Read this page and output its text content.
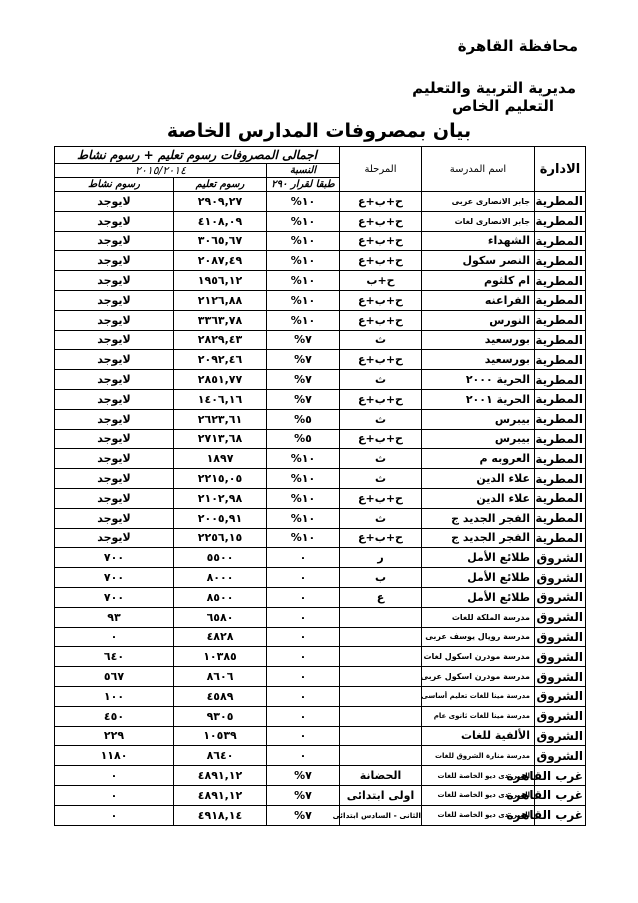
محافظة القاهرة
مديرية التربية والتعليم
التعليم الخاص
بيان بمصروفات المدارس الخاصة
الادارة	اسم المدرسة	المرحلة	اجمالى المصروفات رسوم تعليم + رسوم نشاط		
			النسبة	٢٠١٥/٢٠١٤	
			طبقا لقرار ٢٩٠	رسوم تعليم	رسوم نشاط
المطرية	جابر الانصارى عربى	ح+ب+ع	١٠%	٢٩٠٩,٢٧	لايوجد
المطرية	جابر الانصارى لغات	ح+ب+ع	١٠%	٤١٠٨,٠٩	لايوجد
المطرية	الشهداء	ح+ب+ع	١٠%	٣٠٦٥,٦٧	لايوجد
المطرية	النصر سكول	ح+ب+ع	١٠%	٢٠٨٧,٤٩	لايوجد
المطرية	ام كلثوم	ح+ب	١٠%	١٩٥٦,١٢	لايوجد
المطرية	الفراعنه	ح+ب+ع	١٠%	٢١٢٦,٨٨	لايوجد
المطرية	النورس	ح+ب+ع	١٠%	٣٣٦٣,٧٨	لايوجد
المطرية	بورسعيد	ث	٧%	٢٨٢٩,٤٣	لايوجد
المطرية	بورسعيد	ح+ب+ع	٧%	٢٠٩٢,٤٦	لايوجد
المطرية	الحرية ٢٠٠٠	ث	٧%	٢٨٥١,٧٧	لايوجد
المطرية	الحرية ٢٠٠١	ح+ب+ع	٧%	١٤٠٦,١٦	لايوجد
المطرية	بيبرس	ث	٥%	٢٦٢٣,٦١	لايوجد
المطرية	بيبرس	ح+ب+ع	٥%	٢٧١٣,٦٨	لايوجد
المطرية	العروبه م	ث	١٠%	١٨٩٧	لايوجد
المطرية	علاء الدين	ث	١٠%	٢٢١٥,٠٥	لايوجد
المطرية	علاء الدين	ح+ب+ع	١٠%	٢١٠٢,٩٨	لايوجد
المطرية	الفجر الجديد ج	ث	١٠%	٢٠٠٥,٩١	لايوجد
المطرية	الفجر الجديد ج	ح+ب+ع	١٠%	٢٢٥٦,١٥	لايوجد
الشروق	طلائع الأمل	ر	٠	٥٥٠٠	٧٠٠
الشروق	طلائع الأمل	ب	٠	٨٠٠٠	٧٠٠
الشروق	طلائع الأمل	ع	٠	٨٥٠٠	٧٠٠
الشروق	مدرسة الملكة للغات		٠	٦٥٨٠	٩٣
الشروق	مدرسة رويال يوسف عربى		٠	٤٨٢٨	٠
الشروق	مدرسة مودرن اسكول لغات		٠	١٠٣٨٥	٦٤٠
الشروق	مدرسة مودرن اسكول عربى		٠	٨٦٠٦	٥٦٧
الشروق	مدرسة مينا للغات تعليم أساسى		٠	٤٥٨٩	١٠٠
الشروق	مدرسة مينا للغات ثانوى عام		٠	٩٣٠٥	٤٥٠
الشروق	الألفية للغات		٠	١٠٥٣٩	٢٢٩
الشروق	مدرسة منارة الشروق للغات		٠	٨٦٤٠	١١٨٠
غرب القاهرة	الميرـ دى ديو الخاصة للغات	الحضانة	٧%	٤٨٩١,١٢	٠
غرب القاهرة	الميرـ دى ديو الخاصة للغات	اولى ابتدائى	٧%	٤٨٩١,١٢	٠
غرب القاهرة	الميرـ دى ديو الخاصة للغات	الثانى - السادس ابتدائى	٧%	٤٩١٨,١٤	٠
